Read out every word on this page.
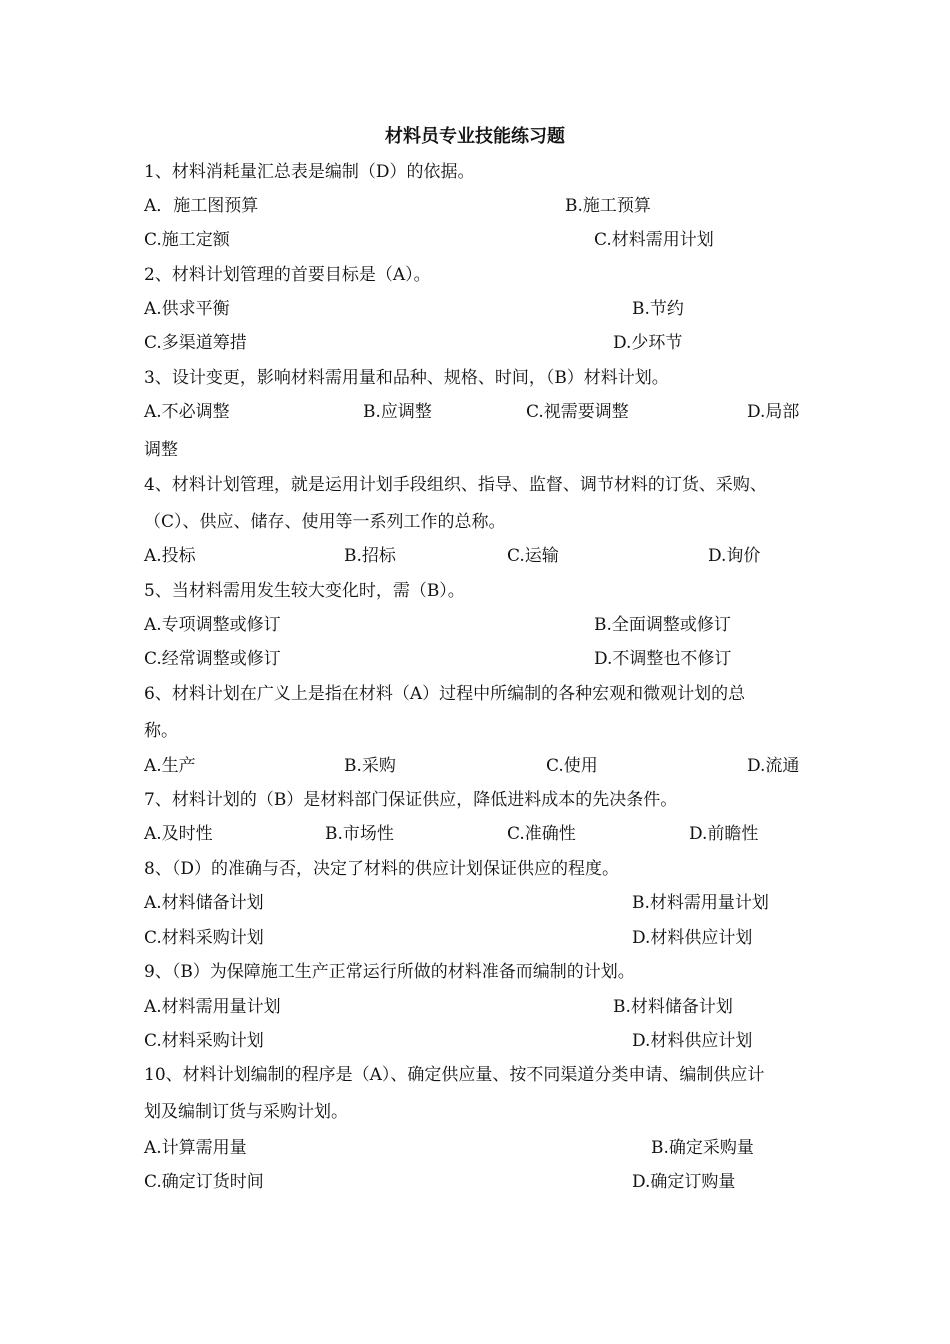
材料员专业技能练习题

1、材料消耗量汇总表是编制（D）的依据。

A．施工图预算	B.施工预算
C.施工定额	C.材料需用计划

2、材料计划管理的首要目标是（A）。

A.供求平衡	B.节约
C.多渠道筹措	D.少环节

3、设计变更，影响材料需用量和品种、规格、时间，（B）材料计划。

A.不必调整	B.应调整	C.视需要调整	D.局部

调整

4、材料计划管理，就是运用计划手段组织、指导、监督、调节材料的订货、采购、

（C）、供应、储存、使用等一系列工作的总称。

A.投标	B.招标	C.运输	D.询价

5、当材料需用发生较大变化时，需（B）。

A.专项调整或修订	B.全面调整或修订
C.经常调整或修订	D.不调整也不修订

6、材料计划在广义上是指在材料（A）过程中所编制的各种宏观和微观计划的总

称。

A.生产	B.采购	C.使用	D.流通

7、材料计划的（B）是材料部门保证供应，降低进料成本的先决条件。

A.及时性	B.市场性	C.准确性	D.前瞻性

8、（D）的准确与否，决定了材料的供应计划保证供应的程度。

A.材料储备计划	B.材料需用量计划
C.材料采购计划	D.材料供应计划

9、（B）为保障施工生产正常运行所做的材料准备而编制的计划。

A.材料需用量计划	B.材料储备计划
C.材料采购计划	D.材料供应计划

10、材料计划编制的程序是（A）、确定供应量、按不同渠道分类申请、编制供应计

划及编制订货与采购计划。

A.计算需用量	B.确定采购量
C.确定订货时间	D.确定订购量
